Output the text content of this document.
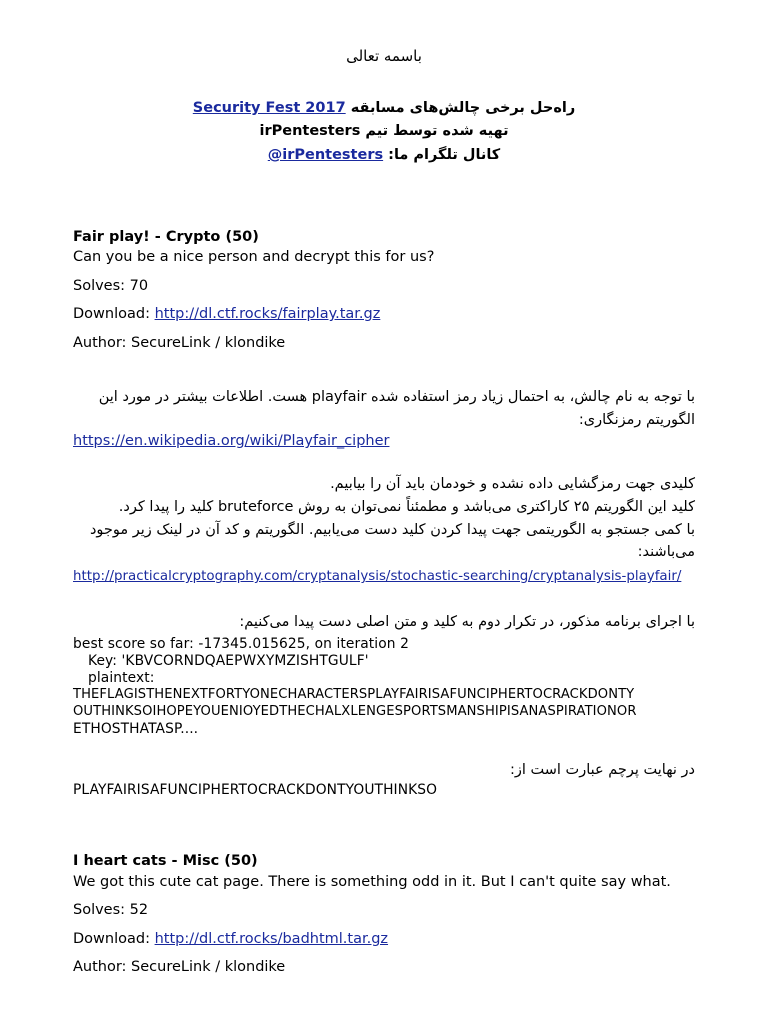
باسمه تعالی
راه‌حل برخی چالش‌های مسابقه Security Fest 2017
تهیه شده توسط تیم irPentesters
کانال تلگرام ما: @irPentesters
Fair play! - Crypto (50)
Can you be a nice person and decrypt this for us?
Solves: 70
Download: http://dl.ctf.rocks/fairplay.tar.gz
Author: SecureLink / klondike
با توجه به نام چالش، به احتمال زیاد رمز استفاده شده playfair هست. اطلاعات بیشتر در مورد این
الگوریتم رمزنگاری:
https://en.wikipedia.org/wiki/Playfair_cipher
کلیدی جهت رمزگشایی داده نشده و خودمان باید آن را بیابیم.
کلید این الگوریتم ۲۵ کاراکتری می‌باشد و مطمئناً نمی‌توان به روش bruteforce کلید را پیدا کرد.
با کمی جستجو به الگوریتمی جهت پیدا کردن کلید دست می‌یابیم. الگوریتم و کد آن در لینک زیر موجود
می‌باشند:
http://practicalcryptography.com/cryptanalysis/stochastic-searching/cryptanalysis-playfair/
با اجرای برنامه مذکور، در تکرار دوم به کلید و متن اصلی دست پیدا می‌کنیم:
best score so far: -17345.015625, on iteration 2
Key: 'KBVCORNDQAEPWXYMZISHTGULF'
plaintext:
THEFLAGISTHENEXTFORTYONECHARACTERSPLAYFAIRISAFUNCIPHERTOCRACKDONTY
OUTHINKSOIHOPEYOUENIOYEDTHECHALXLENGESPORTSMANSHIPISANASPIRATIONOR
ETHOSTHATASP....
در نهایت پرچم عبارت است از:
PLAYFAIRISAFUNCIPHERTOCRACKDONTYOUTHINKSO
I heart cats - Misc (50)
We got this cute cat page. There is something odd in it. But I can't quite say what.
Solves: 52
Download: http://dl.ctf.rocks/badhtml.tar.gz
Author: SecureLink / klondike
